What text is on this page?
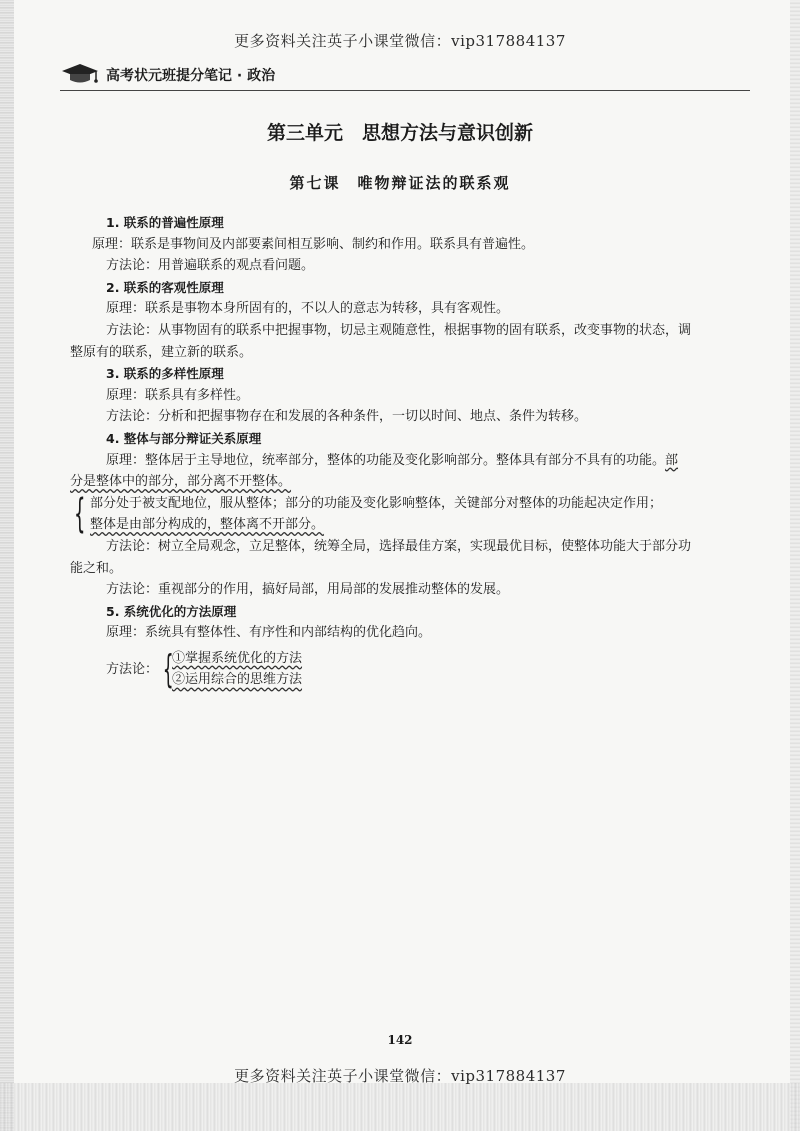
更多资料关注英子小课堂微信：vip317884137
高考状元班提分笔记 · 政治
第三单元　思想方法与意识创新
第七课　唯物辩证法的联系观
1. 联系的普遍性原理
原理：联系是事物间及内部要素间相互影响、制约和作用。联系具有普遍性。
方法论：用普遍联系的观点看问题。
2. 联系的客观性原理
原理：联系是事物本身所固有的，不以人的意志为转移，具有客观性。
方法论：从事物固有的联系中把握事物，切忌主观随意性，根据事物的固有联系，改变事物的状态，调
整原有的联系，建立新的联系。
3. 联系的多样性原理
原理：联系具有多样性。
方法论：分析和把握事物存在和发展的各种条件，一切以时间、地点、条件为转移。
4. 整体与部分辩证关系原理
原理：整体居于主导地位，统率部分，整体的功能及变化影响部分。整体具有部分不具有的功能。部
分是整体中的部分，部分离不开整体。
{ 部分处于被支配地位，服从整体；部分的功能及变化影响整体，关键部分对整体的功能起决定作用；
整体是由部分构成的，整体离不开部分。
方法论：树立全局观念，立足整体，统筹全局，选择最佳方案，实现最优目标，使整体功能大于部分功
能之和。
方法论：重视部分的作用，搞好局部，用局部的发展推动整体的发展。
5. 系统优化的方法原理
原理：系统具有整体性、有序性和内部结构的优化趋向。
方法论： {
①掌握系统优化的方法
②运用综合的思维方法
142
更多资料关注英子小课堂微信：vip317884137
